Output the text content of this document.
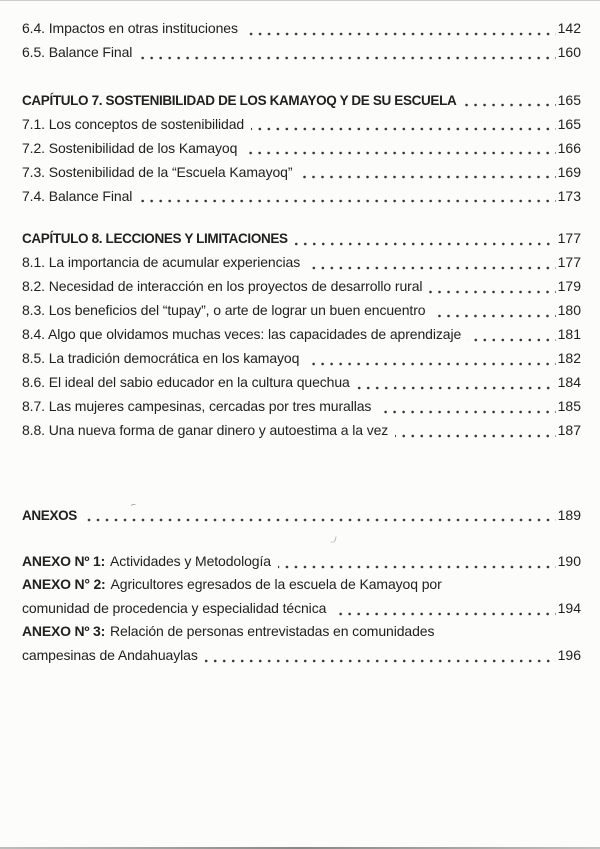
6.4. Impactos en otras instituciones	142
6.5. Balance Final	160
CAPÍTULO 7. SOSTENIBILIDAD DE LOS KAMAYOQ Y DE SU ESCUELA	165
7.1. Los conceptos de sostenibilidad	165
7.2. Sostenibilidad de los Kamayoq	166
7.3. Sostenibilidad de la “Escuela Kamayoq”	169
7.4. Balance Final	173
CAPÍTULO 8. LECCIONES Y LIMITACIONES	177
8.1. La importancia de acumular experiencias	177
8.2. Necesidad de interacción en los proyectos de desarrollo rural	179
8.3. Los beneficios del “tupay”, o arte de lograr un buen encuentro	180
8.4. Algo que olvidamos muchas veces: las capacidades de aprendizaje	181
8.5. La tradición democrática en los kamayoq	182
8.6. El ideal del sabio educador en la cultura quechua	184
8.7. Las mujeres campesinas, cercadas por tres murallas	185
8.8. Una nueva forma de ganar dinero y autoestima a la vez	187
ANEXOS	189
ANEXO Nº 1: Actividades y Metodología	190
ANEXO N° 2: Agricultores egresados de la escuela de Kamayoq por
comunidad de procedencia y especialidad técnica	194
ANEXO Nº 3: Relación de personas entrevistadas en comunidades
campesinas de Andahuaylas	196
